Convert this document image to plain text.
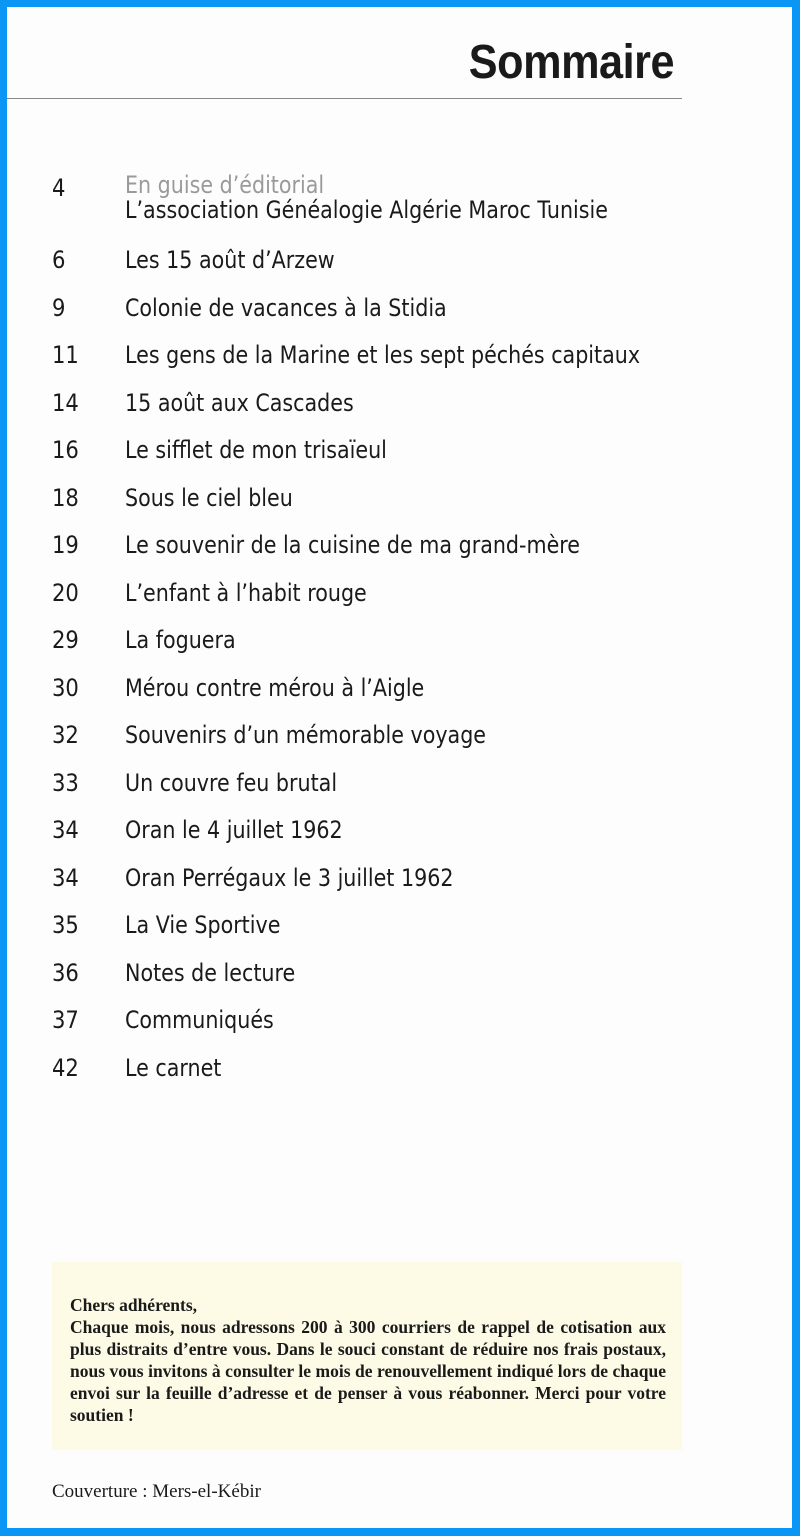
Sommaire
4 En guise d’éditorial
L’association Généalogie Algérie Maroc Tunisie
6 Les 15 août d’Arzew
9 Colonie de vacances à la Stidia
11 Les gens de la Marine et les sept péchés capitaux
14 15 août aux Cascades
16 Le sifflet de mon trisaïeul
18 Sous le ciel bleu
19 Le souvenir de la cuisine de ma grand-mère
20 L’enfant à l’habit rouge
29 La foguera
30 Mérou contre mérou à l’Aigle
32 Souvenirs d’un mémorable voyage
33 Un couvre feu brutal
34 Oran le 4 juillet 1962
34 Oran Perrégaux le 3 juillet 1962
35 La Vie Sportive
36 Notes de lecture
37 Communiqués
42 Le carnet

Chers adhérents,

Chaque mois, nous adressons 200 à 300 courriers de rappel de cotisation aux plus distraits d’entre vous. Dans le souci constant de réduire nos frais postaux, nous vous invitons à consulter le mois de renouvellement indiqué lors de chaque envoi sur la feuille d’adresse et de penser à vous réabonner. Merci pour votre soutien !

Couverture : Mers-el-Kébir
